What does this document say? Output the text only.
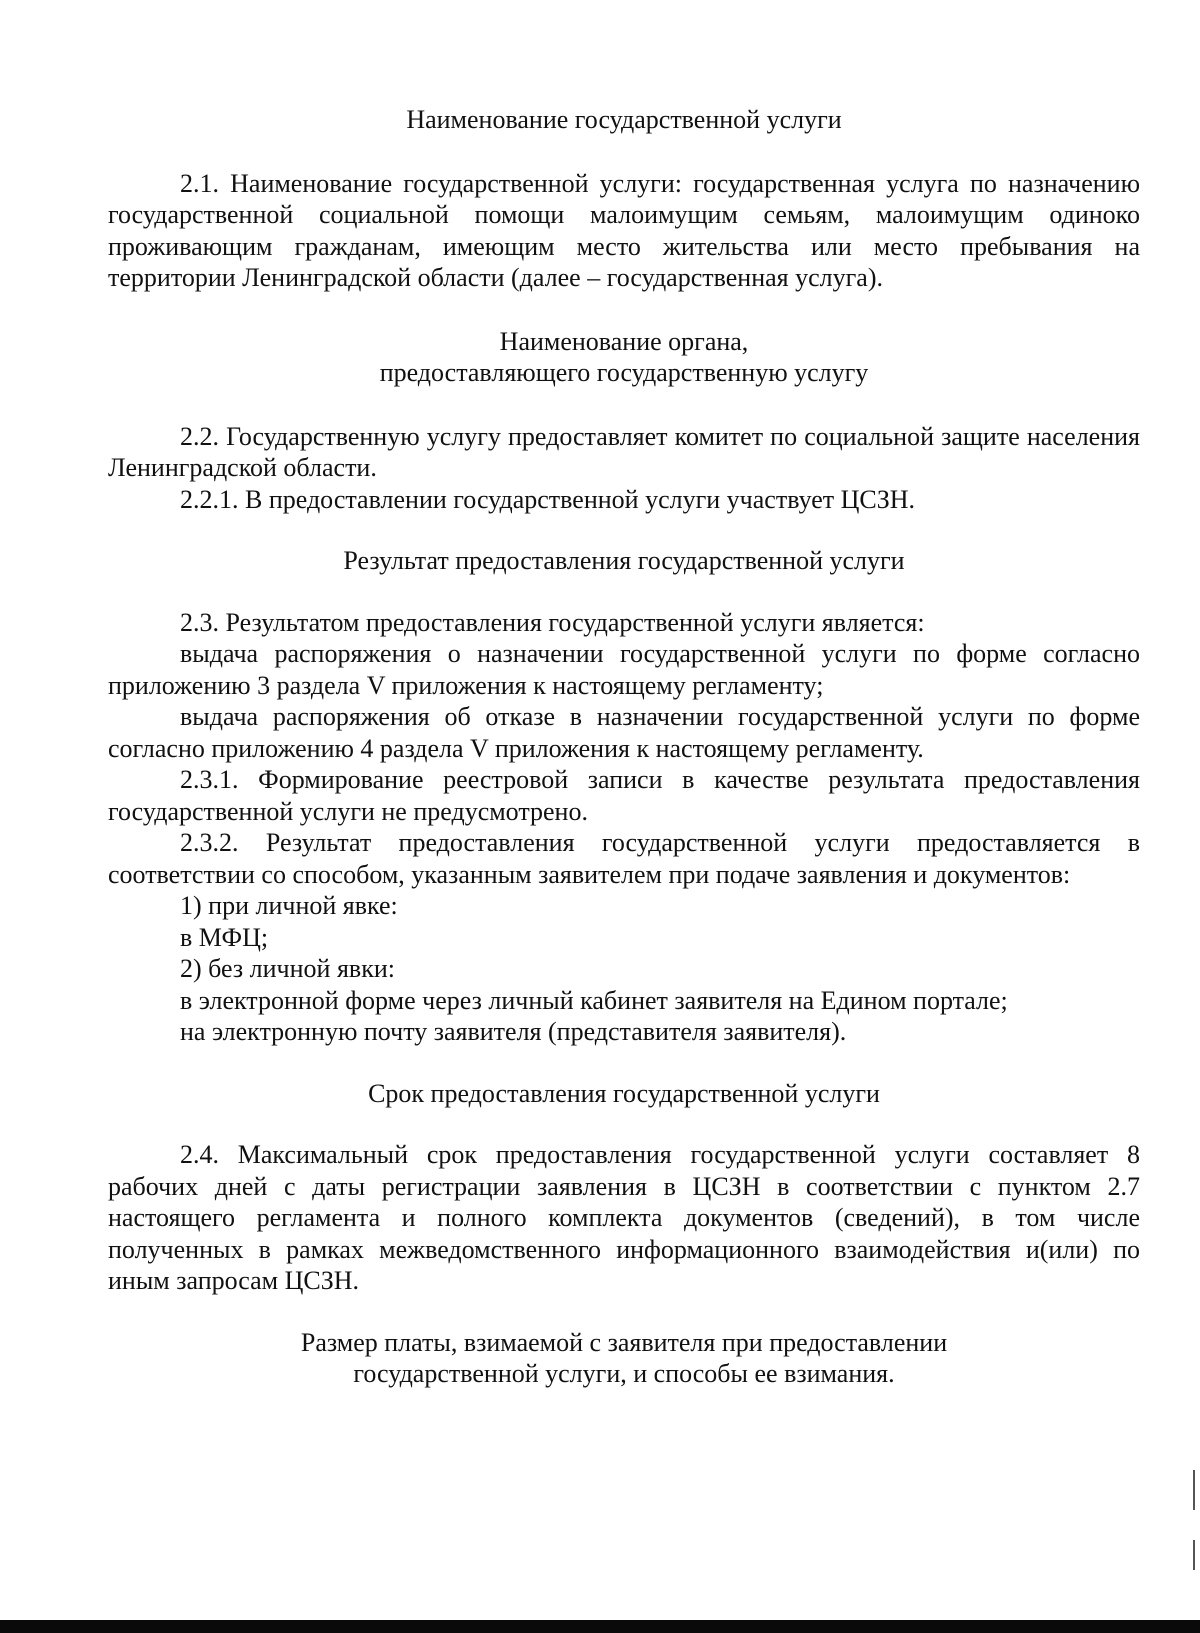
Наименование государственной услуги

2.1. Наименование государственной услуги: государственная услуга по назначению государственной социальной помощи малоимущим семьям, малоимущим одиноко проживающим гражданам, имеющим место жительства или место пребывания на территории Ленинградской области (далее – государственная услуга).

Наименование органа,
предоставляющего государственную услугу

2.2. Государственную услугу предоставляет комитет по социальной защите населения Ленинградской области.

2.2.1. В предоставлении государственной услуги участвует ЦСЗН.

Результат предоставления государственной услуги

2.3. Результатом предоставления государственной услуги является:

выдача распоряжения о назначении государственной услуги по форме согласно приложению 3 раздела V приложения к настоящему регламенту;

выдача распоряжения об отказе в назначении государственной услуги по форме согласно приложению 4 раздела V приложения к настоящему регламенту.

2.3.1. Формирование реестровой записи в качестве результата предоставления государственной услуги не предусмотрено.

2.3.2. Результат предоставления государственной услуги предоставляется в соответствии со способом, указанным заявителем при подаче заявления и документов:

1) при личной явке:

в МФЦ;

2) без личной явки:

в электронной форме через личный кабинет заявителя на Едином портале;

на электронную почту заявителя (представителя заявителя).

Срок предоставления государственной услуги

2.4. Максимальный срок предоставления государственной услуги составляет 8 рабочих дней с даты регистрации заявления в ЦСЗН в соответствии с пунктом 2.7 настоящего регламента и полного комплекта документов (сведений), в том числе полученных в рамках межведомственного информационного взаимодействия и(или) по иным запросам ЦСЗН.

Размер платы, взимаемой с заявителя при предоставлении
государственной услуги, и способы ее взимания.
